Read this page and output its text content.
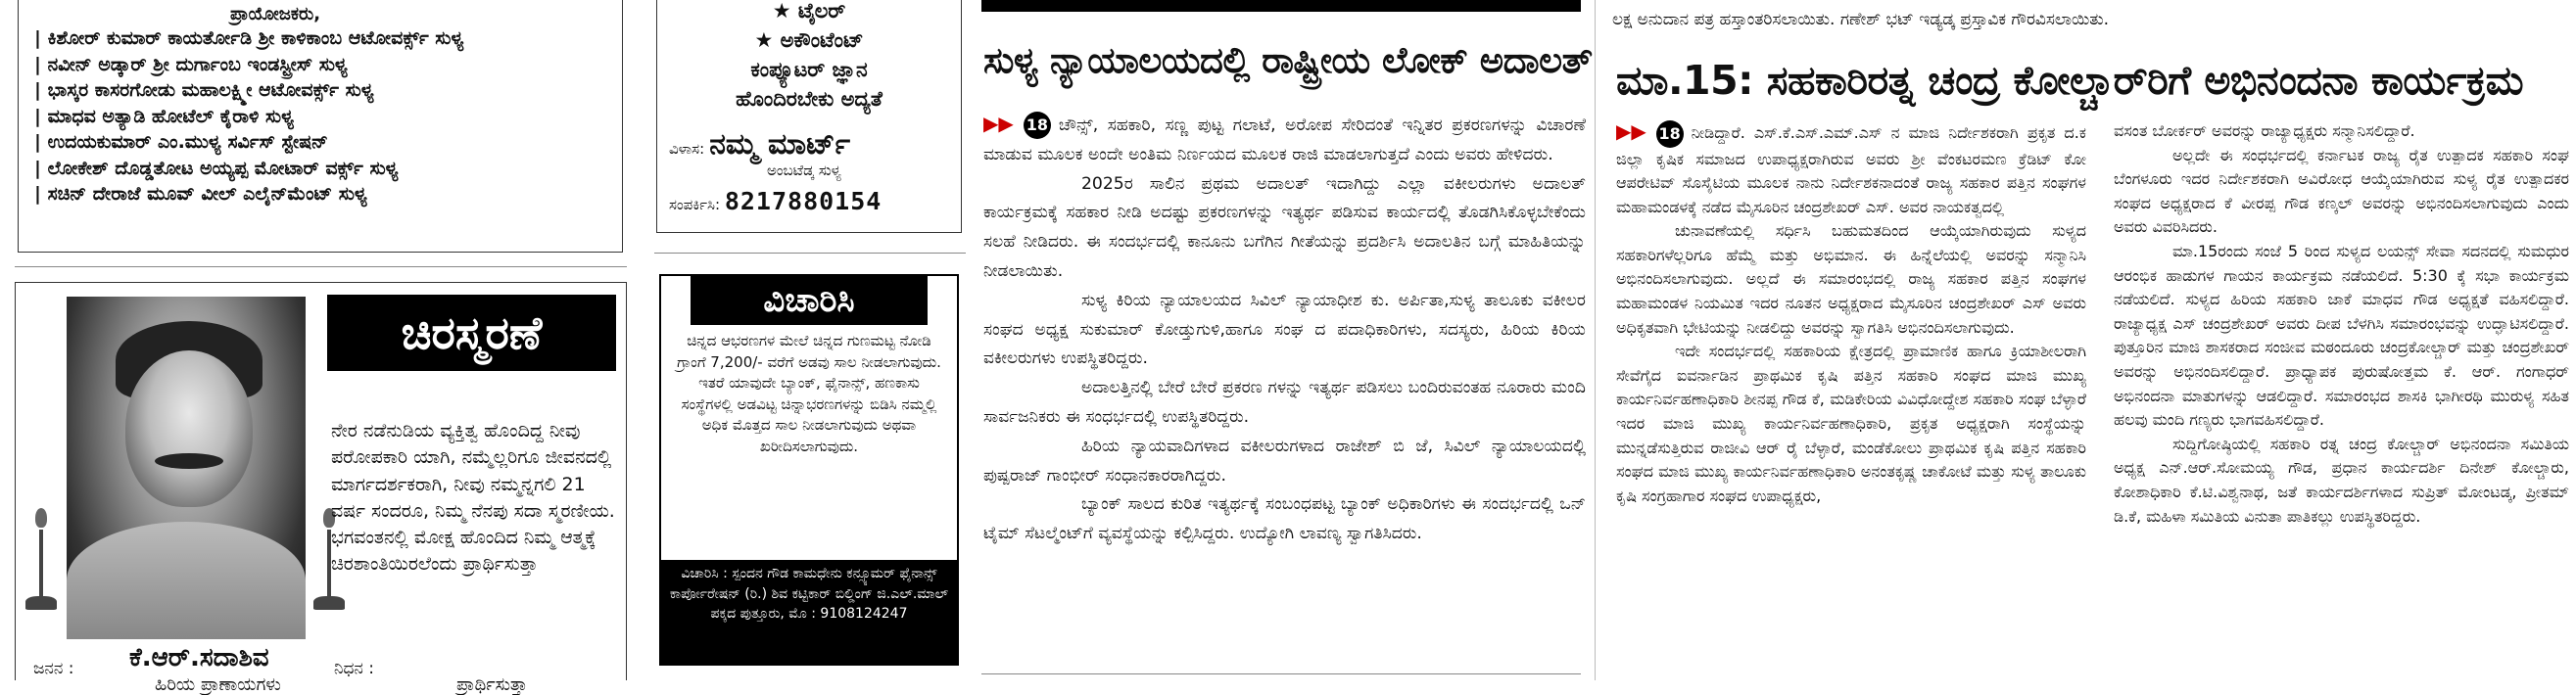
ಪ್ರಾಯೋಜಕರು,
| ಕಿಶೋರ್ ಕುಮಾರ್ ಕಾಯರ್ತೋಡಿ ಶ್ರೀ ಕಾಳಿಕಾಂಬ ಆಟೋವರ್ಕ್ಸ್ ಸುಳ್ಯ
| ನವೀನ್ ಅಡ್ಕಾರ್ ಶ್ರೀ ದುರ್ಗಾಂಬ ಇಂಡಸ್ಟ್ರೀಸ್ ಸುಳ್ಯ
| ಭಾಸ್ಕರ ಕಾಸರಗೋಡು ಮಹಾಲಕ್ಷ್ಮೀ ಆಟೋವರ್ಕ್ಸ್ ಸುಳ್ಯ
| ಮಾಧವ ಅತ್ಯಾಡಿ ಹೋಟೆಲ್ ಕೈರಾಳಿ ಸುಳ್ಯ
| ಉದಯಕುಮಾರ್ ಎಂ.ಮುಳ್ಯ ಸರ್ವಿಸ್ ಸ್ಟೇಷನ್
| ಲೋಕೇಶ್ ದೊಡ್ಡತೋಟ ಅಯ್ಯಪ್ಪ ಮೋಟಾರ್ ವರ್ಕ್ಸ್ ಸುಳ್ಯ
| ಸಚಿನ್ ದೇರಾಜೆ ಮೂವ್ ವೀಲ್ ಎಲೈನ್‌ಮೆಂಟ್ ಸುಳ್ಯ
ಚಿರಸ್ಮರಣೆ
ನೇರ ನಡೆನುಡಿಯ ವ್ಯಕ್ತಿತ್ವ ಹೊಂದಿದ್ದ ನೀವು ಪರೋಪಕಾರಿ ಯಾಗಿ, ನಮ್ಮೆಲ್ಲರಿಗೂ ಜೀವನದಲ್ಲಿ ಮಾರ್ಗದರ್ಶಕರಾಗಿ, ನೀವು ನಮ್ಮನ್ನಗಲಿ 21 ವರ್ಷ ಸಂದರೂ, ನಿಮ್ಮ ನೆನಪು ಸದಾ ಸ್ಮರಣೀಯ. ಭಗವಂತನಲ್ಲಿ ಮೋಕ್ಷ ಹೊಂದಿದ ನಿಮ್ಮ ಆತ್ಮಕ್ಕೆ ಚಿರಶಾಂತಿಯಿರಲೆಂದು ಪ್ರಾರ್ಥಿಸುತ್ತಾ
ಕೆ.ಆರ್.ಸದಾಶಿವ
ಜನನ :	ನಿಧನ :
ಹಿರಿಯ ಪ್ರಾಣಾಯಗಳು	ಪ್ರಾರ್ಥಿಸುತ್ತಾ
★ ಟೈಲರ್
★ ಅಕೌಂಟೆಂಟ್
ಕಂಪ್ಯೂಟರ್ ಜ್ಞಾನ
ಹೊಂದಿರಬೇಕು ಅದ್ಯತೆ
ವಿಳಾಸ: ನಮ್ಮ ಮಾರ್ಟ್
ಅಂಬಟೆಡ್ಕ ಸುಳ್ಯ
ಸಂಪರ್ಕಿಸಿ: 8217880154
ವಿಚಾರಿಸಿ
ಚಿನ್ನದ ಆಭರಣಗಳ ಮೇಲೆ ಚಿನ್ನದ ಗುಣಮಟ್ಟ ನೋಡಿ ಗ್ರಾಂಗೆ 7,200/- ವರೆಗೆ ಅಡವು ಸಾಲ ನೀಡಲಾಗುವುದು. ಇತರೆ ಯಾವುದೇ ಬ್ಯಾಂಕ್, ಫೈನಾನ್ಸ್, ಹಣಕಾಸು ಸಂಸ್ಥೆಗಳಲ್ಲಿ ಅಡವಿಟ್ಟ ಚಿನ್ನಾಭರಣಗಳನ್ನು ಬಿಡಿಸಿ ನಮ್ಮಲ್ಲಿ ಅಧಿಕ ಮೊತ್ತದ ಸಾಲ ನೀಡಲಾಗುವುದು ಅಥವಾ ಖರೀದಿಸಲಾಗುವುದು.
ವಿಚಾರಿಸಿ : ಸ್ಪಂದನ ಗೌಡ ಕಾಮಧೇನು ಕನ್ಸ್ಯೂಮರ್ ಫೈನಾನ್ಸ್ ಕಾರ್ಪೋರೇಷನ್ (ರಿ.) ಶಿವ ಕಟ್ಟಿಕಾರ್ ಬಿಲ್ಡಿಂಗ್ ಜಿ.ಎಲ್.ಮಾಲ್ ಪಕ್ಕದ ಪುತ್ತೂರು, ಮೊ : 9108124247
ಸುಳ್ಯ ನ್ಯಾಯಾಲಯದಲ್ಲಿ ರಾಷ್ಟ್ರೀಯ ಲೋಕ್ ಅದಾಲತ್

▶▶ 18 ಚೌನ್ಸ್, ಸಹಕಾರಿ, ಸಣ್ಣ ಪುಟ್ಟ ಗಲಾಟೆ, ಅರೋಪ ಸೇರಿದಂತೆ ಇನ್ನಿತರ ಪ್ರಕರಣಗಳನ್ನು ವಿಚಾರಣೆ ಮಾಡುವ ಮೂಲಕ ಅಂದೇ ಅಂತಿಮ ನಿರ್ಣಯದ ಮೂಲಕ ರಾಜಿ ಮಾಡಲಾಗುತ್ತದೆ ಎಂದು ಅವರು ಹೇಳಿದರು.

2025ರ ಸಾಲಿನ ಪ್ರಥಮ ಅದಾಲತ್ ಇದಾಗಿದ್ದು ಎಲ್ಲಾ ವಕೀಲರುಗಳು ಅದಾಲತ್ ಕಾರ್ಯಕ್ರಮಕ್ಕೆ ಸಹಕಾರ ನೀಡಿ ಅದಷ್ಟು ಪ್ರಕರಣಗಳನ್ನು ಇತ್ಯರ್ಥ ಪಡಿಸುವ ಕಾರ್ಯದಲ್ಲಿ ತೊಡಗಿಸಿಕೊಳ್ಳಬೇಕೆಂದು ಸಲಹೆ ನೀಡಿದರು. ಈ ಸಂದರ್ಭದಲ್ಲಿ ಕಾನೂನು ಬಗೆಗಿನ ಗೀತೆಯನ್ನು ಪ್ರದರ್ಶಿಸಿ ಅದಾಲತಿನ ಬಗ್ಗೆ ಮಾಹಿತಿಯನ್ನು ನೀಡಲಾಯಿತು.

ಸುಳ್ಯ ಕಿರಿಯ ನ್ಯಾಯಾಲಯದ ಸಿವಿಲ್ ನ್ಯಾಯಾಧೀಶ ಕು. ಅರ್ಪಿತಾ,ಸುಳ್ಯ ತಾಲೂಕು ವಕೀಲರ ಸಂಘದ ಅಧ್ಯಕ್ಷ ಸುಕುಮಾರ್ ಕೋಡ್ತುಗುಳಿ,ಹಾಗೂ ಸಂಘ ದ ಪದಾಧಿಕಾರಿಗಳು, ಸದಸ್ಯರು, ಹಿರಿಯ ಕಿರಿಯ ವಕೀಲರುಗಳು ಉಪಸ್ಥಿತರಿದ್ದರು.

ಅದಾಲತ್ತಿನಲ್ಲಿ ಬೇರೆ ಬೇರೆ ಪ್ರಕರಣ ಗಳನ್ನು ಇತ್ಯರ್ಥ ಪಡಿಸಲು ಬಂದಿರುವಂತಹ ನೂರಾರು ಮಂದಿ ಸಾರ್ವಜನಿಕರು ಈ ಸಂಧರ್ಭದಲ್ಲಿ ಉಪಸ್ಥಿತರಿದ್ದರು.

ಹಿರಿಯ ನ್ಯಾಯವಾದಿಗಳಾದ ವಕೀಲರುಗಳಾದ ರಾಜೇಶ್ ಬಿ ಜೆ, ಸಿವಿಲ್ ನ್ಯಾಯಾಲಯದಲ್ಲಿ ಪುಷ್ಪರಾಜ್ ಗಾಂಭೀರ್ ಸಂಧಾನಕಾರರಾಗಿದ್ದರು.

ಬ್ಯಾಂಕ್ ಸಾಲದ ಕುರಿತ ಇತ್ಯರ್ಥಕ್ಕೆ ಸಂಬಂಧಪಟ್ಟ ಬ್ಯಾಂಕ್ ಅಧಿಕಾರಿಗಳು ಈ ಸಂದರ್ಭದಲ್ಲಿ ಒನ್ ಟೈಮ್ ಸೆಟಲ್ಮೆಂಟ್‌ಗೆ ವ್ಯವಸ್ಥೆಯನ್ನು ಕಲ್ಪಿಸಿದ್ದರು. ಉದ್ಯೋಗಿ ಲಾವಣ್ಯ ಸ್ವಾಗತಿಸಿದರು.

ಲಕ್ಷ ಅನುದಾನ ಪತ್ರ ಹಸ್ತಾಂತರಿಸಲಾಯಿತು. ಗಣೇಶ್ ಭಟ್ ಇಡ್ಯಡ್ಕ ಪ್ರಸ್ತಾವಿಕ ಗೌರವಿಸಲಾಯಿತು.
ಮಾ.15: ಸಹಕಾರಿರತ್ನ ಚಂದ್ರ ಕೋಲ್ಚಾರ್‌ರಿಗೆ ಅಭಿನಂದನಾ ಕಾರ್ಯಕ್ರಮ

▶▶ 18 ನೀಡಿದ್ದಾರೆ. ಎಸ್.ಕೆ.ಎಸ್.ಎಮ್.ಎಸ್ ನ ಮಾಜಿ ನಿರ್ದೇಶಕರಾಗಿ ಪ್ರಕೃತ ದ.ಕ ಜಿಲ್ಲಾ ಕೃಷಿಕ ಸಮಾಜದ ಉಪಾಧ್ಯಕ್ಷರಾಗಿರುವ ಅವರು ಶ್ರೀ ವೆಂಕಟರಮಣ ಕ್ರೆಡಿಟ್ ಕೋ ಆಪರೇಟಿವ್ ಸೊಸೈಟಿಯ ಮೂಲಕ ನಾನು ನಿರ್ದೇಶಕನಾದಂತೆ ರಾಜ್ಯ ಸಹಕಾರ ಪತ್ತಿನ ಸಂಘಗಳ ಮಹಾಮಂಡಳಕ್ಕೆ ನಡೆದ ಮೈಸೂರಿನ ಚಂದ್ರಶೇಖರ್ ಎಸ್. ಅವರ ನಾಯಕತ್ವದಲ್ಲಿ

ಚುನಾವಣೆಯಲ್ಲಿ ಸರ್ಧಿಸಿ ಬಹುಮತದಿಂದ ಆಯ್ಕೆಯಾಗಿರುವುದು ಸುಳ್ಯದ ಸಹಕಾರಿಗಳೆಲ್ಲರಿಗೂ ಹೆಮ್ಮೆ ಮತ್ತು ಅಭಿಮಾನ. ಈ ಹಿನ್ನೆಲೆಯಲ್ಲಿ ಅವರನ್ನು ಸನ್ಮಾನಿಸಿ ಅಭಿನಂದಿಸಲಾಗುವುದು. ಅಲ್ಲದೆ ಈ ಸಮಾರಂಭದಲ್ಲಿ ರಾಜ್ಯ ಸಹಕಾರ ಪತ್ತಿನ ಸಂಘಗಳ ಮಹಾಮಂಡಳ ನಿಯಮಿತ ಇದರ ನೂತನ ಅಧ್ಯಕ್ಷರಾದ ಮೈಸೂರಿನ ಚಂದ್ರಶೇಖರ್ ಎಸ್ ಅವರು ಅಧಿಕೃತವಾಗಿ ಭೇಟಿಯನ್ನು ನೀಡಲಿದ್ದು ಅವರನ್ನು ಸ್ವಾಗತಿಸಿ ಅಭಿನಂದಿಸಲಾಗುವುದು.

ಇದೇ ಸಂದರ್ಭದಲ್ಲಿ ಸಹಕಾರಿಯ ಕ್ಷೇತ್ರದಲ್ಲಿ ಪ್ರಾಮಾಣಿಕ ಹಾಗೂ ಕ್ರಿಯಾಶೀಲರಾಗಿ ಸೇವೆಗೈದ ಐವರ್ನಾಡಿನ ಪ್ರಾಥಮಿಕ ಕೃಷಿ ಪತ್ತಿನ ಸಹಕಾರಿ ಸಂಘದ ಮಾಜಿ ಮುಖ್ಯ ಕಾರ್ಯನಿರ್ವಹಣಾಧಿಕಾರಿ ಶೀನಪ್ಪ ಗೌಡ ಕೆ, ಮಡಿಕೇರಿಯ ವಿವಿಧೋದ್ದೇಶ ಸಹಕಾರಿ ಸಂಘ ಬೆಳ್ಳಾರೆ ಇದರ ಮಾಜಿ ಮುಖ್ಯ ಕಾರ್ಯನಿರ್ವಹಣಾಧಿಕಾರಿ, ಪ್ರಕೃತ ಅಧ್ಯಕ್ಷರಾಗಿ ಸಂಸ್ಥೆಯನ್ನು ಮುನ್ನಡೆಸುತ್ತಿರುವ ರಾಜೀವಿ ಆರ್ ರೈ ಬೆಳ್ಳಾರೆ, ಮಂಡೆಕೋಲು ಪ್ರಾಥಮಿಕ ಕೃಷಿ ಪತ್ತಿನ ಸಹಕಾರಿ ಸಂಘದ ಮಾಜಿ ಮುಖ್ಯ ಕಾರ್ಯನಿರ್ವಹಣಾಧಿಕಾರಿ ಅನಂತಕೃಷ್ಣ ಚಾಕೋಟೆ ಮತ್ತು ಸುಳ್ಯ ತಾಲೂಕು ಕೃಷಿ ಸಂಗ್ರಹಾಗಾರ ಸಂಘದ ಉಪಾಧ್ಯಕ್ಷರು,

ವಸಂತ ಬೋರ್ಕರ್ ಅವರನ್ನು ರಾಜ್ಯಾಧ್ಯಕ್ಷರು ಸನ್ಮಾನಿಸಲಿದ್ದಾರೆ.

ಅಲ್ಲದೇ ಈ ಸಂಧರ್ಭದಲ್ಲಿ ಕರ್ನಾಟಕ ರಾಜ್ಯ ರೈತ ಉತ್ಪಾದಕ ಸಹಕಾರಿ ಸಂಘ ಬೆಂಗಳೂರು ಇದರ ನಿರ್ದೇಶಕರಾಗಿ ಅವಿರೋಧ ಆಯ್ಕೆಯಾಗಿರುವ ಸುಳ್ಯ ರೈತ ಉತ್ಪಾದಕರ ಸಂಘದ ಅಧ್ಯಕ್ಷರಾದ ಕೆ ವೀರಪ್ಪ ಗೌಡ ಕಣ್ಕಲ್ ಅವರನ್ನು ಅಭಿನಂದಿಸಲಾಗುವುದು ಎಂದು ಅವರು ವಿವರಿಸಿದರು.

ಮಾ.15ರಂದು ಸಂಜೆ 5 ರಿಂದ ಸುಳ್ಯದ ಲಯನ್ಸ್ ಸೇವಾ ಸದನದಲ್ಲಿ ಸುಮಧುರ ಆರಂಭಿಕ ಹಾಡುಗಳ ಗಾಯನ ಕಾರ್ಯಕ್ರಮ ನಡೆಯಲಿದೆ. 5:30 ಕ್ಕೆ ಸಭಾ ಕಾರ್ಯಕ್ರಮ ನಡೆಯಲಿದೆ. ಸುಳ್ಯದ ಹಿರಿಯ ಸಹಕಾರಿ ಜಾಕೆ ಮಾಧವ ಗೌಡ ಅಧ್ಯಕ್ಷತೆ ವಹಿಸಲಿದ್ದಾರೆ. ರಾಜ್ಯಾಧ್ಯಕ್ಷ ಎಸ್ ಚಂದ್ರಶೇಖರ್ ಅವರು ದೀಪ ಬೆಳಗಿಸಿ ಸಮಾರಂಭವನ್ನು ಉದ್ಘಾಟಿಸಲಿದ್ದಾರೆ. ಪುತ್ತೂರಿನ ಮಾಜಿ ಶಾಸಕರಾದ ಸಂಜೀವ ಮಠಂದೂರು ಚಂದ್ರಕೋಲ್ಚಾರ್ ಮತ್ತು ಚಂದ್ರಶೇಖರ್ ಅವರನ್ನು ಅಭಿನಂದಿಸಲಿದ್ದಾರೆ. ಪ್ರಾಧ್ಯಾಪಕ ಪುರುಷೋತ್ತಮ ಕೆ. ಆರ್. ಗಂಗಾಧರ್ ಅಭಿನಂದನಾ ಮಾತುಗಳನ್ನು ಆಡಲಿದ್ದಾರೆ. ಸಮಾರಂಭದ ಶಾಸಕಿ ಭಾಗೀರಥಿ ಮುರುಳ್ಯ ಸಹಿತ ಹಲವು ಮಂದಿ ಗಣ್ಯರು ಭಾಗವಹಿಸಲಿದ್ದಾರೆ.

ಸುದ್ದಿಗೋಷ್ಠಿಯಲ್ಲಿ ಸಹಕಾರಿ ರತ್ನ ಚಂದ್ರ ಕೋಲ್ಚಾರ್ ಅಭಿನಂದನಾ ಸಮಿತಿಯ ಅಧ್ಯಕ್ಷ ಎನ್.ಆರ್.ಸೋಮಯ್ಯ ಗೌಡ, ಪ್ರಧಾನ ಕಾರ್ಯದರ್ಶಿ ದಿನೇಶ್ ಕೋಲ್ಚಾರು, ಕೋಶಾಧಿಕಾರಿ ಕೆ.ಟಿ.ವಿಶ್ವನಾಥ, ಜತೆ ಕಾರ್ಯದರ್ಶಿಗಳಾದ ಸುಪ್ರಿತ್ ಮೋಂಟಡ್ಕ, ಪ್ರೀತಮ್ ಡಿ.ಕೆ, ಮಹಿಳಾ ಸಮಿತಿಯ ವಿನುತಾ ಪಾತಿಕಲ್ಲು ಉಪಸ್ಥಿತರಿದ್ದರು.
